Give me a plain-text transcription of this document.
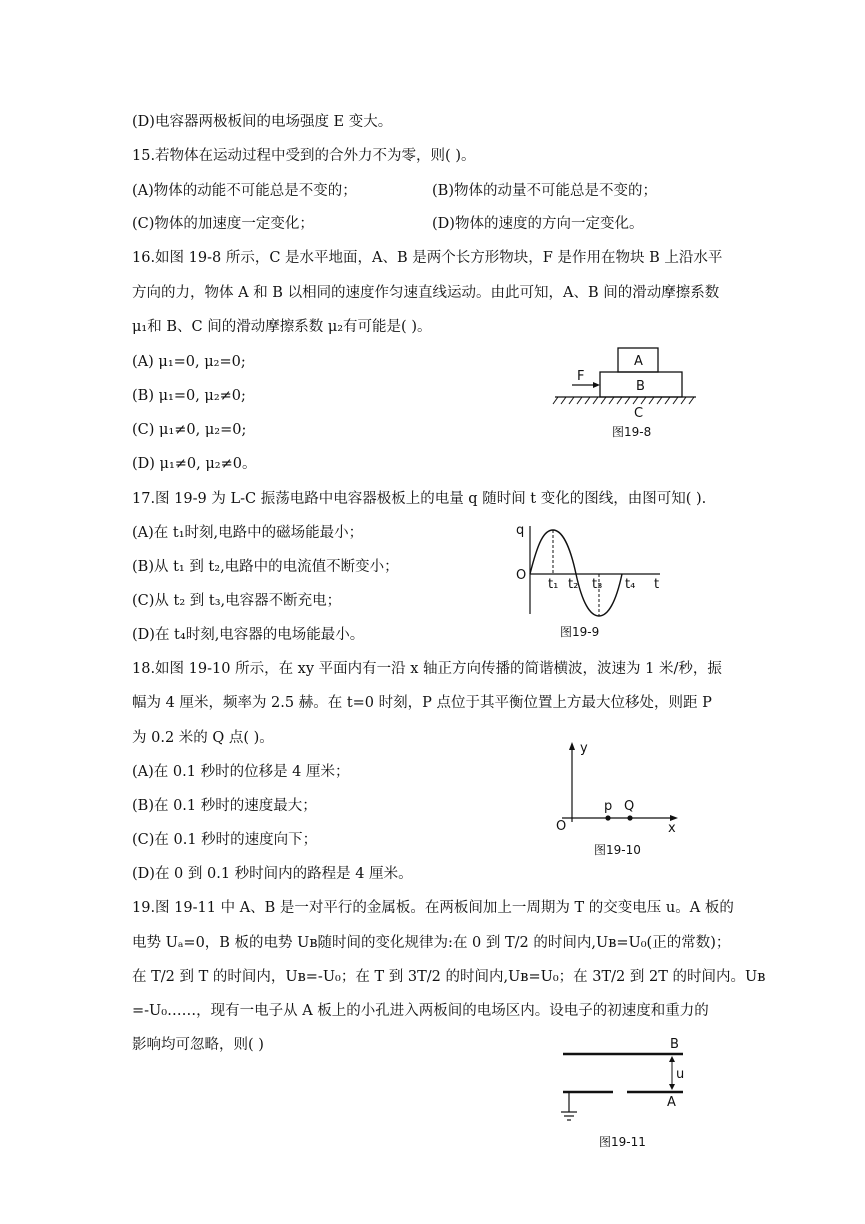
(D)电容器两极板间的电场强度 E 变大。
15.若物体在运动过程中受到的合外力不为零，则( )。
(A)物体的动能不可能总是不变的；	(B)物体的动量不可能总是不变的；
(C)物体的加速度一定变化；	(D)物体的速度的方向一定变化。
16.如图 19-8 所示，C 是水平地面，A、B 是两个长方形物块，F 是作用在物块 B 上沿水平
方向的力，物体 A 和 B 以相同的速度作匀速直线运动。由此可知，A、B 间的滑动摩擦系数
μ₁和 B、C 间的滑动摩擦系数 μ₂有可能是( )。
(A) μ₁=0, μ₂=0;
(B) μ₁=0, μ₂≠0;
(C) μ₁≠0, μ₂=0;
(D) μ₁≠0, μ₂≠0。
A
B
F
C
图19-8
17.图 19-9 为 L-C 振荡电路中电容器极板上的电量 q 随时间 t 变化的图线，由图可知( ).
(A)在 t₁时刻,电路中的磁场能最小；
(B)从 t₁ 到 t₂,电路中的电流值不断变小；
(C)从 t₂ 到 t₃,电容器不断充电；
(D)在 t₄时刻,电容器的电场能最小。
q
O
t
t₁ t₂ t₃ t₄
图19-9
18.如图 19-10 所示，在 xy 平面内有一沿 x 轴正方向传播的简谐横波，波速为 1 米/秒，振
幅为 4 厘米，频率为 2.5 赫。在 t=0 时刻，P 点位于其平衡位置上方最大位移处，则距 P
为 0.2 米的 Q 点( )。
(A)在 0.1 秒时的位移是 4 厘米；
(B)在 0.1 秒时的速度最大；
(C)在 0.1 秒时的速度向下；
(D)在 0 到 0.1 秒时间内的路程是 4 厘米。
y
O	x
p Q
图19-10
19.图 19-11 中 A、B 是一对平行的金属板。在两板间加上一周期为 T 的交变电压 u。A 板的
电势 Uₐ=0，B 板的电势 Uʙ随时间的变化规律为:在 0 到 T/2 的时间内,Uʙ=U₀(正的常数)；
在 T/2 到 T 的时间内，Uʙ=-U₀；在 T 到 3T/2 的时间内,Uʙ=U₀；在 3T/2 到 2T 的时间内。Uʙ
=-U₀……，现有一电子从 A 板上的小孔进入两板间的电场区内。设电子的初速度和重力的
影响均可忽略，则( )	B
A
u
图19-11
